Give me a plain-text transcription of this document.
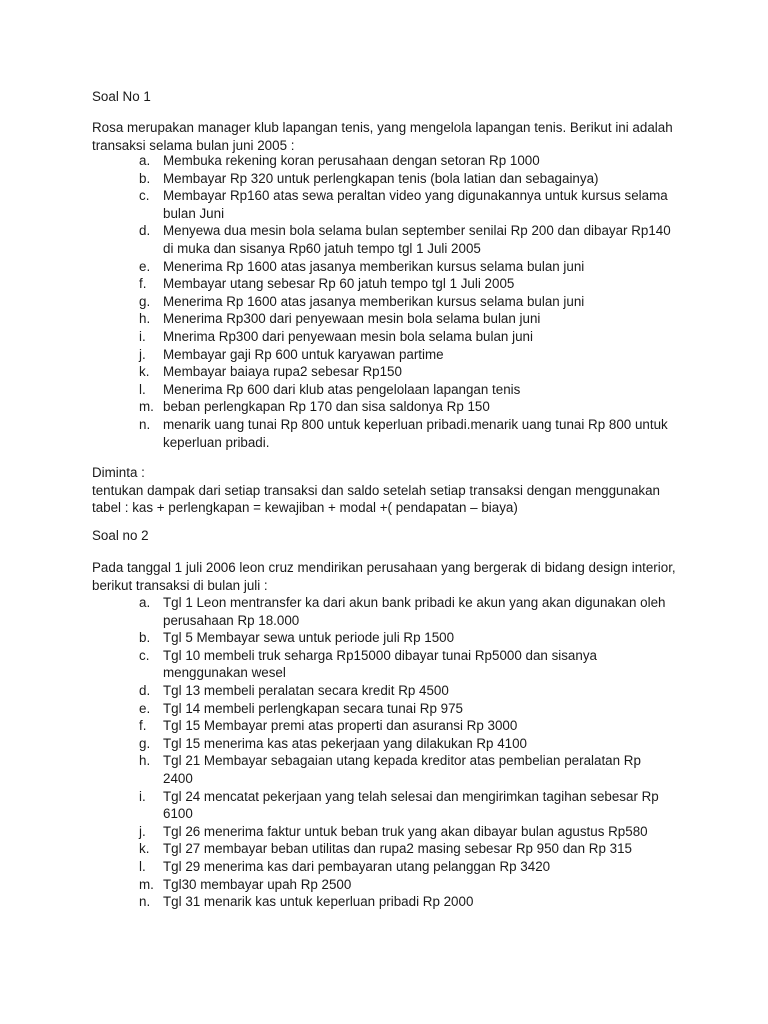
Soal No 1

Rosa merupakan manager klub lapangan tenis, yang mengelola lapangan tenis. Berikut ini adalah transaksi selama bulan juni 2005 :

a. Membuka rekening koran perusahaan dengan setoran Rp 1000
b. Membayar Rp 320 untuk perlengkapan tenis (bola latian dan sebagainya)
c. Membayar Rp160 atas sewa peraltan video yang digunakannya untuk kursus selama bulan Juni
d. Menyewa dua mesin bola selama bulan september senilai Rp 200 dan dibayar Rp140 di muka dan sisanya Rp60 jatuh tempo tgl 1 Juli 2005
e. Menerima Rp 1600 atas jasanya memberikan kursus selama bulan juni
f. Membayar utang sebesar Rp 60 jatuh tempo tgl 1 Juli 2005
g. Menerima Rp 1600 atas jasanya memberikan kursus selama bulan juni
h. Menerima Rp300 dari penyewaan mesin bola selama bulan juni
i. Mnerima Rp300 dari penyewaan mesin bola selama bulan juni
j. Membayar gaji Rp 600 untuk karyawan partime
k. Membayar baiaya rupa2 sebesar Rp150
l. Menerima Rp 600 dari klub atas pengelolaan lapangan tenis
m. beban perlengkapan Rp 170 dan sisa saldonya Rp 150
n. menarik uang tunai Rp 800 untuk keperluan pribadi.menarik uang tunai Rp 800 untuk keperluan pribadi.
Diminta :
tentukan dampak dari setiap transaksi dan saldo setelah setiap transaksi dengan menggunakan tabel : kas + perlengkapan = kewajiban + modal +( pendapatan – biaya)
Soal no 2

Pada tanggal 1 juli 2006 leon cruz mendirikan perusahaan yang bergerak di bidang design interior, berikut transaksi di bulan juli :

a. Tgl 1 Leon mentransfer ka dari akun bank pribadi ke akun yang akan digunakan oleh perusahaan Rp 18.000
b. Tgl 5 Membayar sewa untuk periode juli Rp 1500
c. Tgl 10 membeli truk seharga Rp15000 dibayar tunai Rp5000 dan sisanya menggunakan wesel
d. Tgl 13 membeli peralatan secara kredit Rp 4500
e. Tgl 14 membeli perlengkapan secara tunai Rp 975
f. Tgl 15 Membayar premi atas properti dan asuransi Rp 3000
g. Tgl 15 menerima kas atas pekerjaan yang dilakukan Rp 4100
h. Tgl 21 Membayar sebagaian utang kepada kreditor atas pembelian peralatan Rp 2400
i. Tgl 24 mencatat pekerjaan yang telah selesai dan mengirimkan tagihan sebesar Rp 6100
j. Tgl 26 menerima faktur untuk beban truk yang akan dibayar bulan agustus Rp580
k. Tgl 27 membayar beban utilitas dan rupa2 masing sebesar Rp 950 dan Rp 315
l. Tgl 29 menerima kas dari pembayaran utang pelanggan Rp 3420
m. Tgl30 membayar upah Rp 2500
n. Tgl 31 menarik kas untuk keperluan pribadi Rp 2000
